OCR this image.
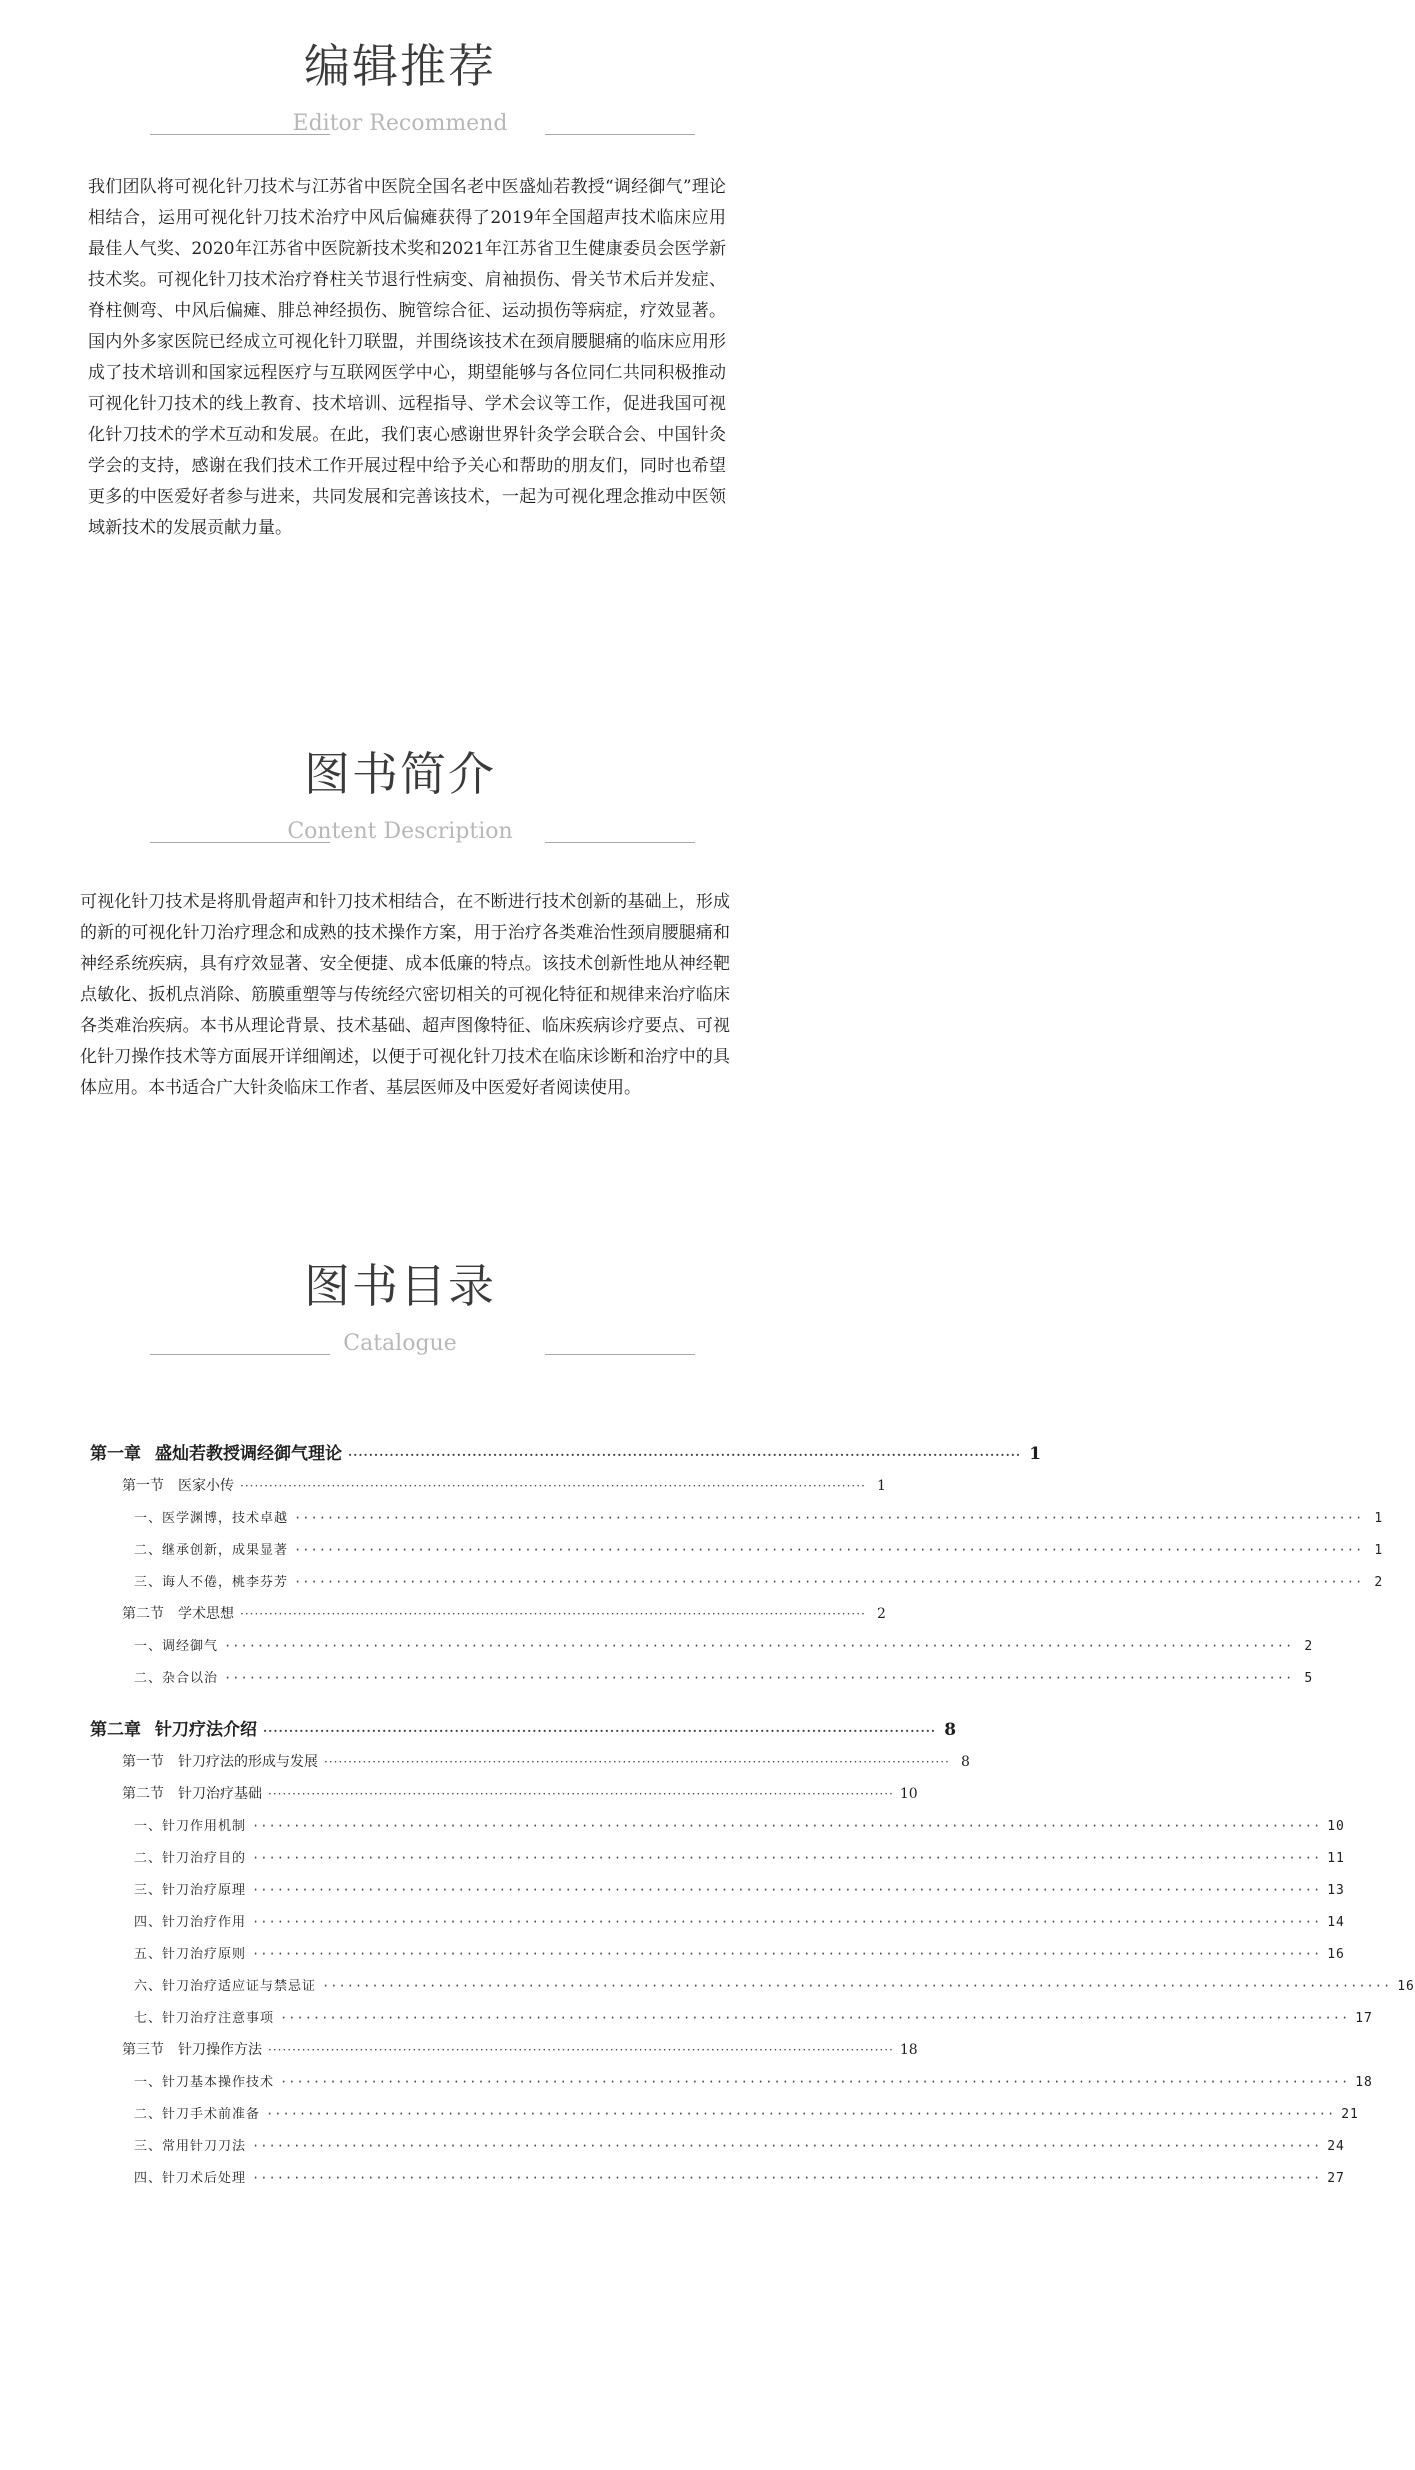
编辑推荐
Editor Recommend

我们团队将可视化针刀技术与江苏省中医院全国名老中医盛灿若教授“调经御气”理论相结合，运用可视化针刀技术治疗中风后偏瘫获得了2019年全国超声技术临床应用最佳人气奖、2020年江苏省中医院新技术奖和2021年江苏省卫生健康委员会医学新技术奖。可视化针刀技术治疗脊柱关节退行性病变、肩袖损伤、骨关节术后并发症、脊柱侧弯、中风后偏瘫、腓总神经损伤、腕管综合征、运动损伤等病症，疗效显著。国内外多家医院已经成立可视化针刀联盟，并围绕该技术在颈肩腰腿痛的临床应用形成了技术培训和国家远程医疗与互联网医学中心，期望能够与各位同仁共同积极推动可视化针刀技术的线上教育、技术培训、远程指导、学术会议等工作，促进我国可视化针刀技术的学术互动和发展。在此，我们衷心感谢世界针灸学会联合会、中国针灸学会的支持，感谢在我们技术工作开展过程中给予关心和帮助的朋友们，同时也希望更多的中医爱好者参与进来，共同发展和完善该技术，一起为可视化理念推动中医领域新技术的发展贡献力量。

图书简介
Content Description

可视化针刀技术是将肌骨超声和针刀技术相结合，在不断进行技术创新的基础上，形成的新的可视化针刀治疗理念和成熟的技术操作方案，用于治疗各类难治性颈肩腰腿痛和神经系统疾病，具有疗效显著、安全便捷、成本低廉的特点。该技术创新性地从神经靶点敏化、扳机点消除、筋膜重塑等与传统经穴密切相关的可视化特征和规律来治疗临床各类难治疾病。本书从理论背景、技术基础、超声图像特征、临床疾病诊疗要点、可视化针刀操作技术等方面展开详细阐述，以便于可视化针刀技术在临床诊断和治疗中的具体应用。本书适合广大针灸临床工作者、基层医师及中医爱好者阅读使用。

图书目录
Catalogue
第一章 盛灿若教授调经御气理论 ·································································································································· 1
第一节 医家小传 ·································································································································· 1
一、医学渊博，技术卓越 ·································································································································· 1
二、继承创新，成果显著 ·································································································································· 1
三、诲人不倦，桃李芬芳 ·································································································································· 2
第二节 学术思想 ·································································································································· 2
一、调经御气 ·································································································································· 2
二、杂合以治 ·································································································································· 5
第二章 针刀疗法介绍 ·································································································································· 8
第一节 针刀疗法的形成与发展 ·································································································································· 8
第二节 针刀治疗基础 ·································································································································· 10
一、针刀作用机制 ·································································································································· 10
二、针刀治疗目的 ·································································································································· 11
三、针刀治疗原理 ·································································································································· 13
四、针刀治疗作用 ·································································································································· 14
五、针刀治疗原则 ·································································································································· 16
六、针刀治疗适应证与禁忌证 ·································································································································· 16
七、针刀治疗注意事项 ·································································································································· 17
第三节 针刀操作方法 ·································································································································· 18
一、针刀基本操作技术 ·································································································································· 18
二、针刀手术前准备 ·································································································································· 21
三、常用针刀刀法 ·································································································································· 24
四、针刀术后处理 ·································································································································· 27
